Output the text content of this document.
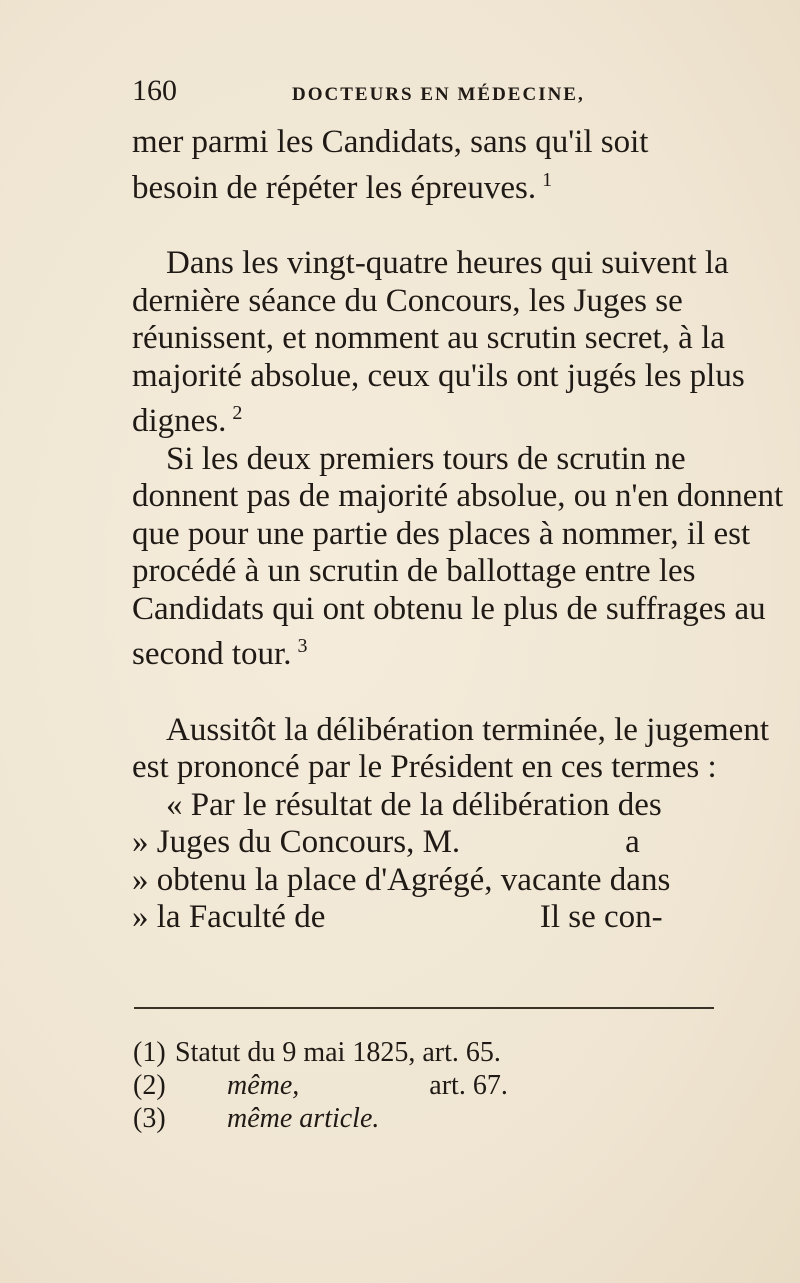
160	DOCTEURS EN MÉDECINE,

mer parmi les Candidats, sans qu'il soit

besoin de répéter les épreuves. $^1$

Dans les vingt-quatre heures qui suivent la dernière séance du Concours, les Juges se réunissent, et nomment au scrutin secret, à la majorité absolue, ceux qu'ils ont jugés les plus dignes. $^2$

Si les deux premiers tours de scrutin ne donnent pas de majorité absolue, ou n'en donnent que pour une partie des places à nommer, il est procédé à un scrutin de ballottage entre les Candidats qui ont obtenu le plus de suffrages au second tour. $^3$

Aussitôt la délibération terminée, le jugement est prononcé par le Président en ces termes :

« Par le résultat de la délibération des

» Juges du Concours, M.                    a

» obtenu la place d'Agrégé, vacante dans

» la Faculté de                          Il se con-

(1) Statut du 9 mai 1825, art. 65.
(2)	même,	art. 67.
(3)	même article.
